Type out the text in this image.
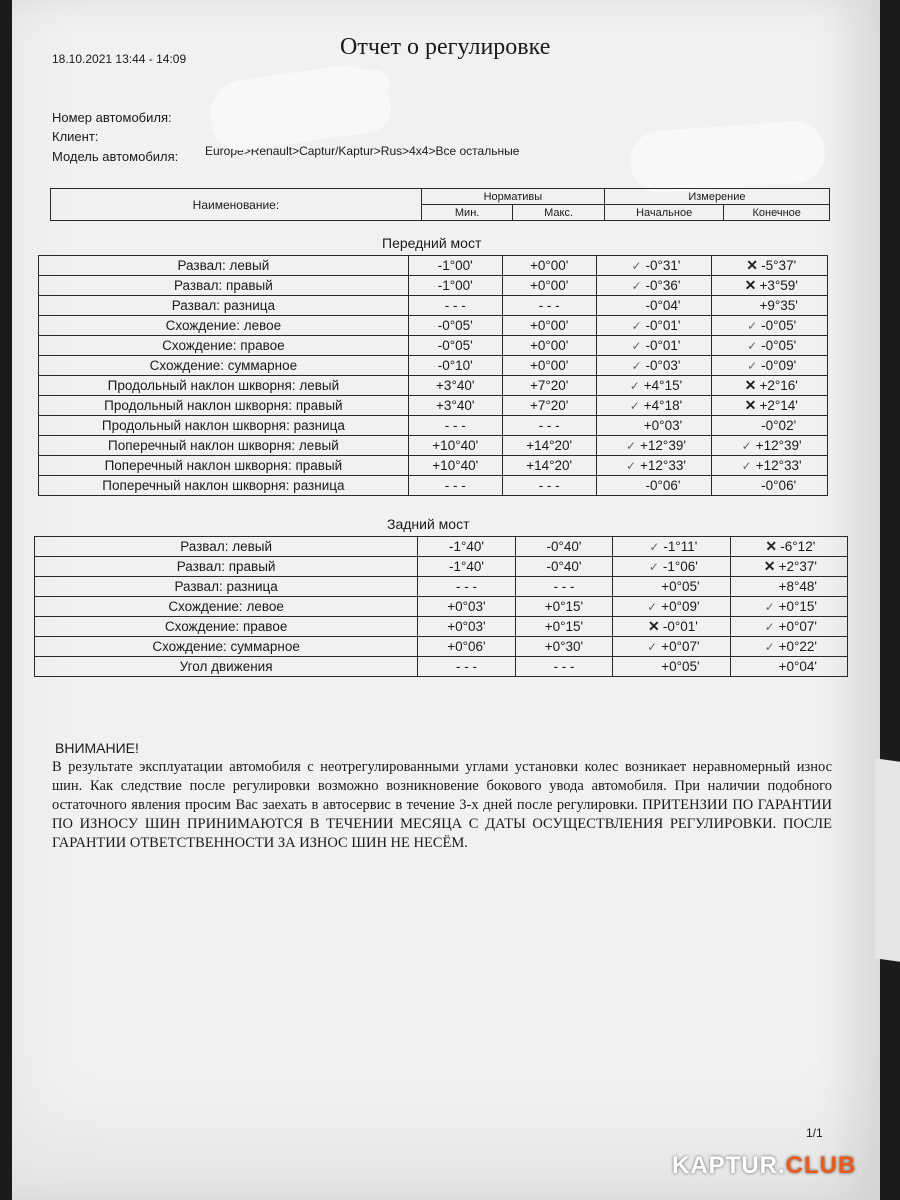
18.10.2021 13:44 - 14:09	Отчет о регулировке
Номер автомобиля:
Клиент:
Модель автомобиля: Europe>Renault>Captur/Kaptur>Rus>4x4>Все остальные
Наименование:	Нормативы		Измерение	
	Мин.	Макс.	Начальное	Конечное
Передний мост
Развал: левый	-1°00'	+0°00'	✓ -0°31'	✕ -5°37'
Развал: правый	-1°00'	+0°00'	✓ -0°36'	✕ +3°59'
Развал: разница	- - -	- - -	-0°04'	+9°35'
Схождение: левое	-0°05'	+0°00'	✓ -0°01'	✓ -0°05'
Схождение: правое	-0°05'	+0°00'	✓ -0°01'	✓ -0°05'
Схождение: суммарное	-0°10'	+0°00'	✓ -0°03'	✓ -0°09'
Продольный наклон шкворня: левый	+3°40'	+7°20'	✓ +4°15'	✕ +2°16'
Продольный наклон шкворня: правый	+3°40'	+7°20'	✓ +4°18'	✕ +2°14'
Продольный наклон шкворня: разница	- - -	- - -	+0°03'	-0°02'
Поперечный наклон шкворня: левый	+10°40'	+14°20'	✓ +12°39'	✓ +12°39'
Поперечный наклон шкворня: правый	+10°40'	+14°20'	✓ +12°33'	✓ +12°33'
Поперечный наклон шкворня: разница	- - -	- - -	-0°06'	-0°06'
Задний мост
Развал: левый	-1°40'	-0°40'	✓ -1°11'	✕ -6°12'
Развал: правый	-1°40'	-0°40'	✓ -1°06'	✕ +2°37'
Развал: разница	- - -	- - -	+0°05'	+8°48'
Схождение: левое	+0°03'	+0°15'	✓ +0°09'	✓ +0°15'
Схождение: правое	+0°03'	+0°15'	✕ -0°01'	✓ +0°07'
Схождение: суммарное	+0°06'	+0°30'	✓ +0°07'	✓ +0°22'
Угол движения	- - -	- - -	+0°05'	+0°04'
ВНИМАНИЕ!
В результате эксплуатации автомобиля с неотрегулированными углами установки колес возникает неравномерный износ шин. Как следствие после регулировки возможно возникновение бокового увода автомобиля. При наличии подобного остаточного явления просим Вас заехать в автосервис в течение 3-х дней после регулировки. ПРИТЕНЗИИ ПО ГАРАНТИИ ПО ИЗНОСУ ШИН ПРИНИМАЮТСЯ В ТЕЧЕНИИ МЕСЯЦА С ДАТЫ ОСУЩЕСТВЛЕНИЯ РЕГУЛИРОВКИ. ПОСЛЕ ГАРАНТИИ ОТВЕТСТВЕННОСТИ ЗА ИЗНОС ШИН НЕ НЕСЁМ.
1/1
KAPTUR.CLUB
